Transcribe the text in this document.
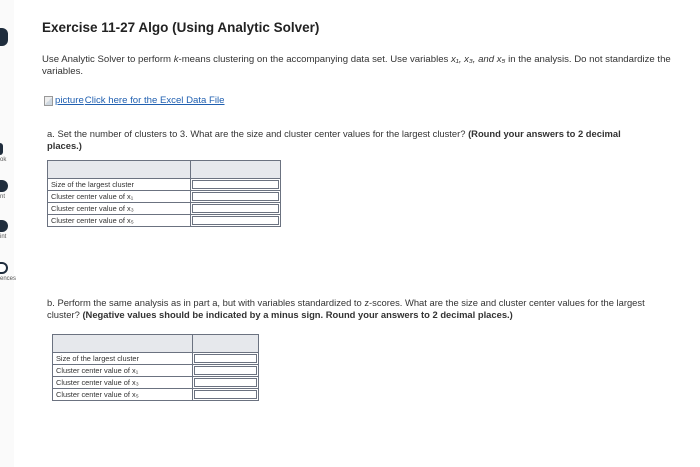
ok
nt
int
ences
Exercise 11-27 Algo (Using Analytic Solver)
Use Analytic Solver to perform k-means clustering on the accompanying data set. Use variables x₁, x₃, and x₅ in the analysis. Do not standardize the variables.
picture Click here for the Excel Data File
a. Set the number of clusters to 3. What are the size and cluster center values for the largest cluster? (Round your answers to 2 decimal places.)

Size of the largest cluster	

Cluster center value of x₁	

Cluster center value of x₃	

Cluster center value of x₅	
b. Perform the same analysis as in part a, but with variables standardized to z-scores. What are the size and cluster center values for the largest cluster? (Negative values should be indicated by a minus sign. Round your answers to 2 decimal places.)

Size of the largest cluster	

Cluster center value of x₁	

Cluster center value of x₃	

Cluster center value of x₅	
